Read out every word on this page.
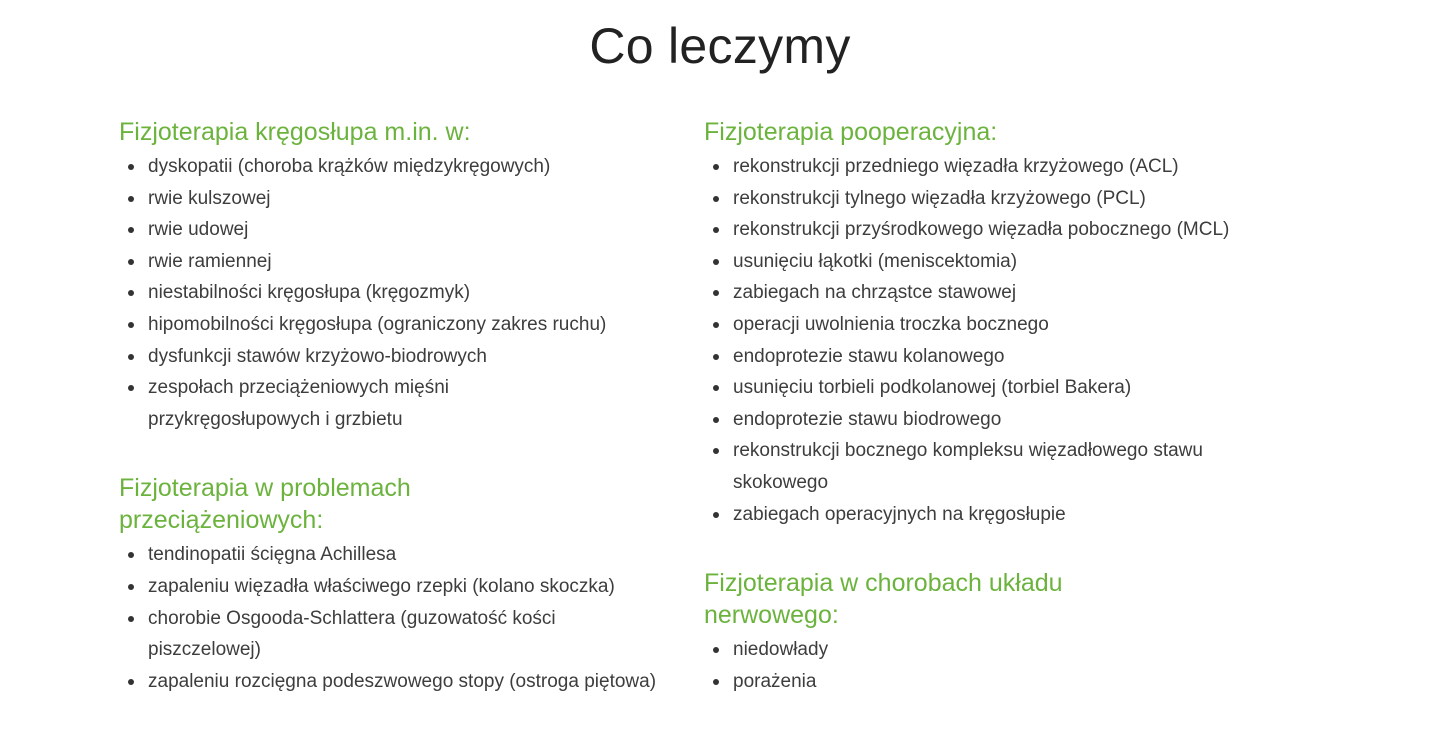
Co leczymy
Fizjoterapia kręgosłupa m.in. w:
dyskopatii (choroba krążków międzykręgowych)
rwie kulszowej
rwie udowej
rwie ramiennej
niestabilności kręgosłupa (kręgozmyk)
hipomobilności kręgosłupa (ograniczony zakres ruchu)
dysfunkcji stawów krzyżowo-biodrowych
zespołach przeciążeniowych mięśni przykręgosłupowych i grzbietu
Fizjoterapia w problemach przeciążeniowych:
tendinopatii ścięgna Achillesa
zapaleniu więzadła właściwego rzepki (kolano skoczka)
chorobie Osgooda-Schlattera (guzowatość kości piszczelowej)
zapaleniu rozcięgna podeszwowego stopy (ostroga piętowa)
Fizjoterapia pooperacyjna:
rekonstrukcji przedniego więzadła krzyżowego (ACL)
rekonstrukcji tylnego więzadła krzyżowego (PCL)
rekonstrukcji przyśrodkowego więzadła pobocznego (MCL)
usunięciu łąkotki (meniscektomia)
zabiegach na chrząstce stawowej
operacji uwolnienia troczka bocznego
endoprotezie stawu kolanowego
usunięciu torbieli podkolanowej (torbiel Bakera)
endoprotezie stawu biodrowego
rekonstrukcji bocznego kompleksu więzadłowego stawu skokowego
zabiegach operacyjnych na kręgosłupie
Fizjoterapia w chorobach układu nerwowego:
niedowłady
porażenia
